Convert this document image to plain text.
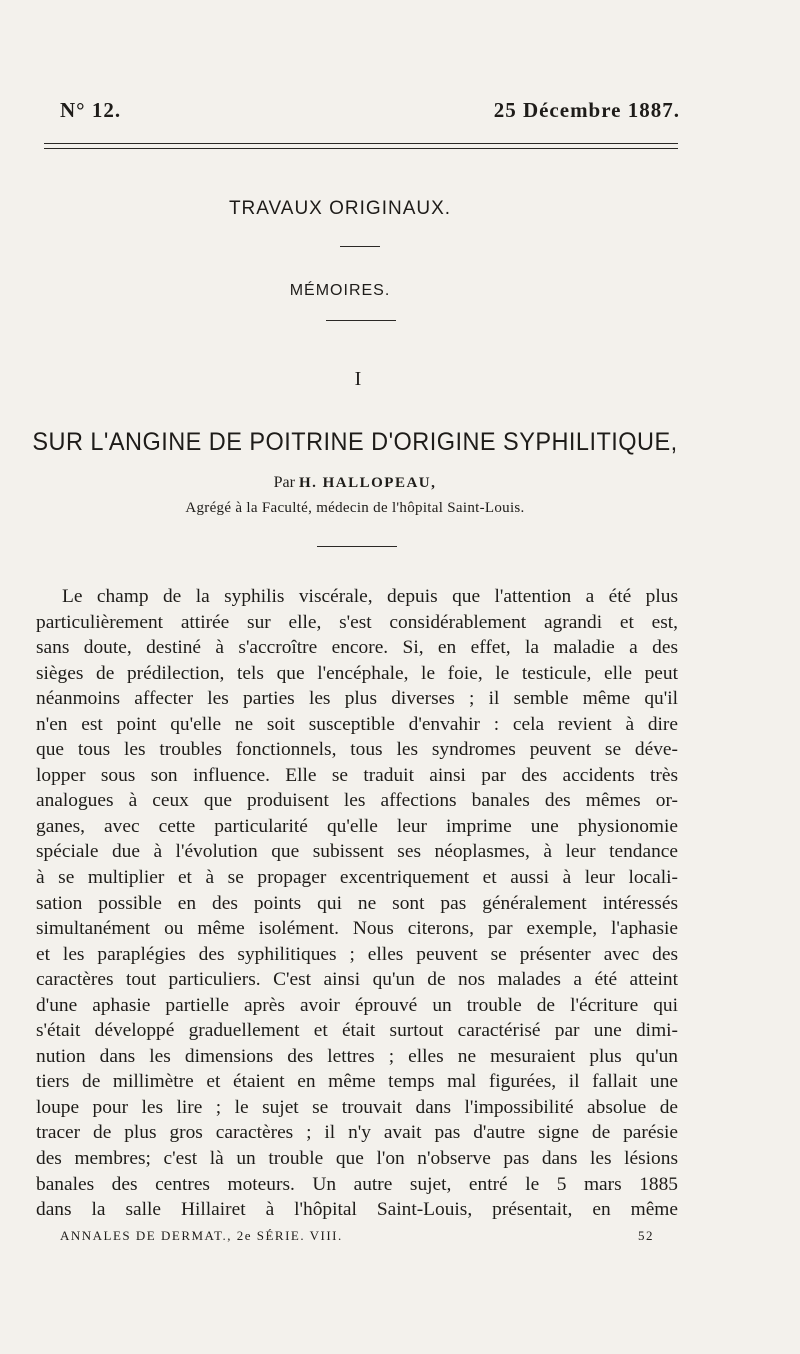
N° 12.	25 Décembre 1887.
TRAVAUX ORIGINAUX.
MÉMOIRES.
I
SUR L'ANGINE DE POITRINE D'ORIGINE SYPHILITIQUE,
Par H. HALLOPEAU,
Agrégé à la Faculté, médecin de l'hôpital Saint-Louis.
Le champ de la syphilis viscérale, depuis que l'attention a été plus
particulièrement attirée sur elle, s'est considérablement agrandi et est,
sans doute, destiné à s'accroître encore. Si, en effet, la maladie a des
sièges de prédilection, tels que l'encéphale, le foie, le testicule, elle peut
néanmoins affecter les parties les plus diverses ; il semble même qu'il
n'en est point qu'elle ne soit susceptible d'envahir : cela revient à dire
que tous les troubles fonctionnels, tous les syndromes peuvent se déve-
lopper sous son influence. Elle se traduit ainsi par des accidents très
analogues à ceux que produisent les affections banales des mêmes or-
ganes, avec cette particularité qu'elle leur imprime une physionomie
spéciale due à l'évolution que subissent ses néoplasmes, à leur tendance
à se multiplier et à se propager excentriquement et aussi à leur locali-
sation possible en des points qui ne sont pas généralement intéressés
simultanément ou même isolément. Nous citerons, par exemple, l'aphasie
et les paraplégies des syphilitiques ; elles peuvent se présenter avec des
caractères tout particuliers. C'est ainsi qu'un de nos malades a été atteint
d'une aphasie partielle après avoir éprouvé un trouble de l'écriture qui
s'était développé graduellement et était surtout caractérisé par une dimi-
nution dans les dimensions des lettres ; elles ne mesuraient plus qu'un
tiers de millimètre et étaient en même temps mal figurées, il fallait une
loupe pour les lire ; le sujet se trouvait dans l'impossibilité absolue de
tracer de plus gros caractères ; il n'y avait pas d'autre signe de parésie
des membres; c'est là un trouble que l'on n'observe pas dans les lésions
banales des centres moteurs. Un autre sujet, entré le 5 mars 1885
dans la salle Hillairet à l'hôpital Saint-Louis, présentait, en même
ANNALES DE DERMAT., 2e SÉRIE. VIII.	52
